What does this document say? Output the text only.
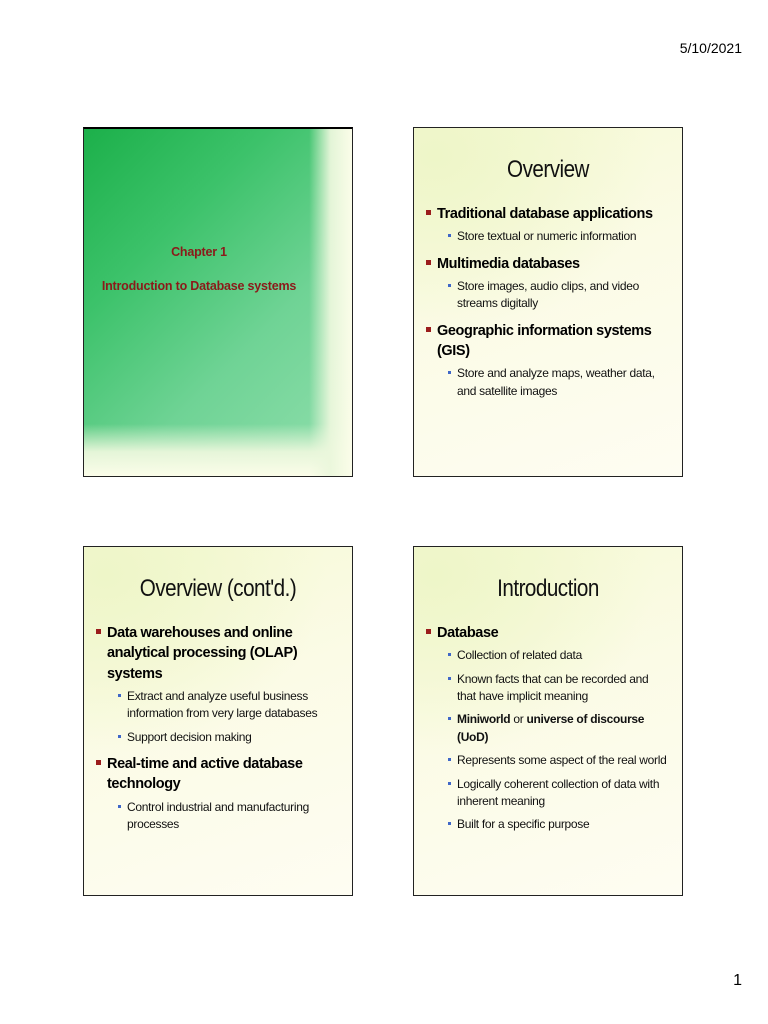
5/10/2021
Chapter 1
Introduction to Database systems
Overview
Traditional database applications
Store textual or numeric information
Multimedia databases
Store images, audio clips, and video streams digitally
Geographic information systems (GIS)
Store and analyze maps, weather data, and satellite images
Overview (cont'd.)
Data warehouses and online analytical processing (OLAP) systems
Extract and analyze useful business information from very large databases
Support decision making
Real-time and active database technology
Control industrial and manufacturing processes
Introduction
Database
Collection of related data
Known facts that can be recorded and that have implicit meaning
Miniworld or universe of discourse (UoD)
Represents some aspect of the real world
Logically coherent collection of data with inherent meaning
Built for a specific purpose
1
